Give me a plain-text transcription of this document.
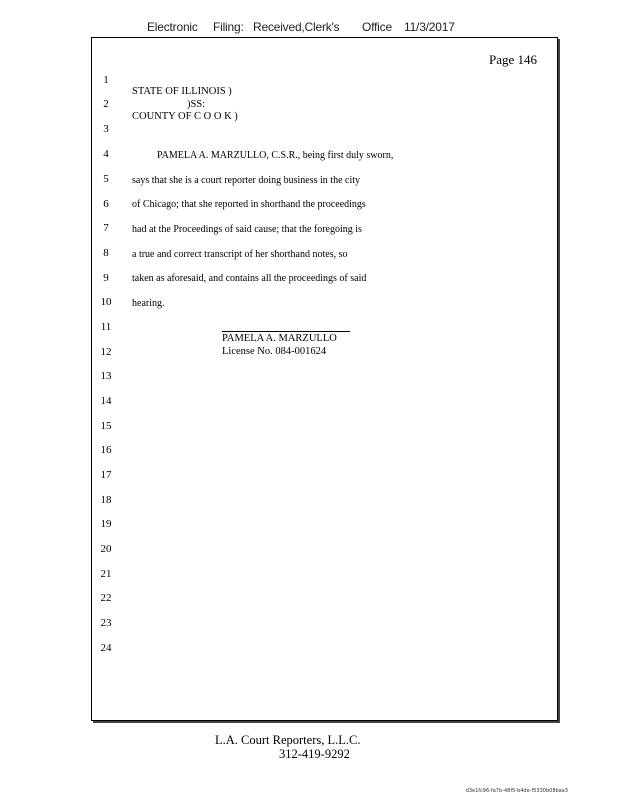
Electronic Filing: Received,Clerk's Office 11/3/2017
Page 146
1
2
3
4
5
6
7
8
9
10
11
12
13
14
15
16
17
18
19
20
21
22
23
24
STATE OF ILLINOIS )
)SS:
COUNTY OF C O O K )
PAMELA A. MARZULLO, C.S.R., being first duly sworn,
says that she is a court reporter doing business in the city
of Chicago; that she reported in shorthand the proceedings
had at the Proceedings of said cause; that the foregoing is
a true and correct transcript of her shorthand notes, so
taken as aforesaid, and contains all the proceedings of said
hearing.
PAMELA A. MARZULLO
License No. 084-001624
L.A. Court Reporters, L.L.C.
312-419-9292
d3e1fc96-fa7b-48f5-b4de-f5330b08bae3
